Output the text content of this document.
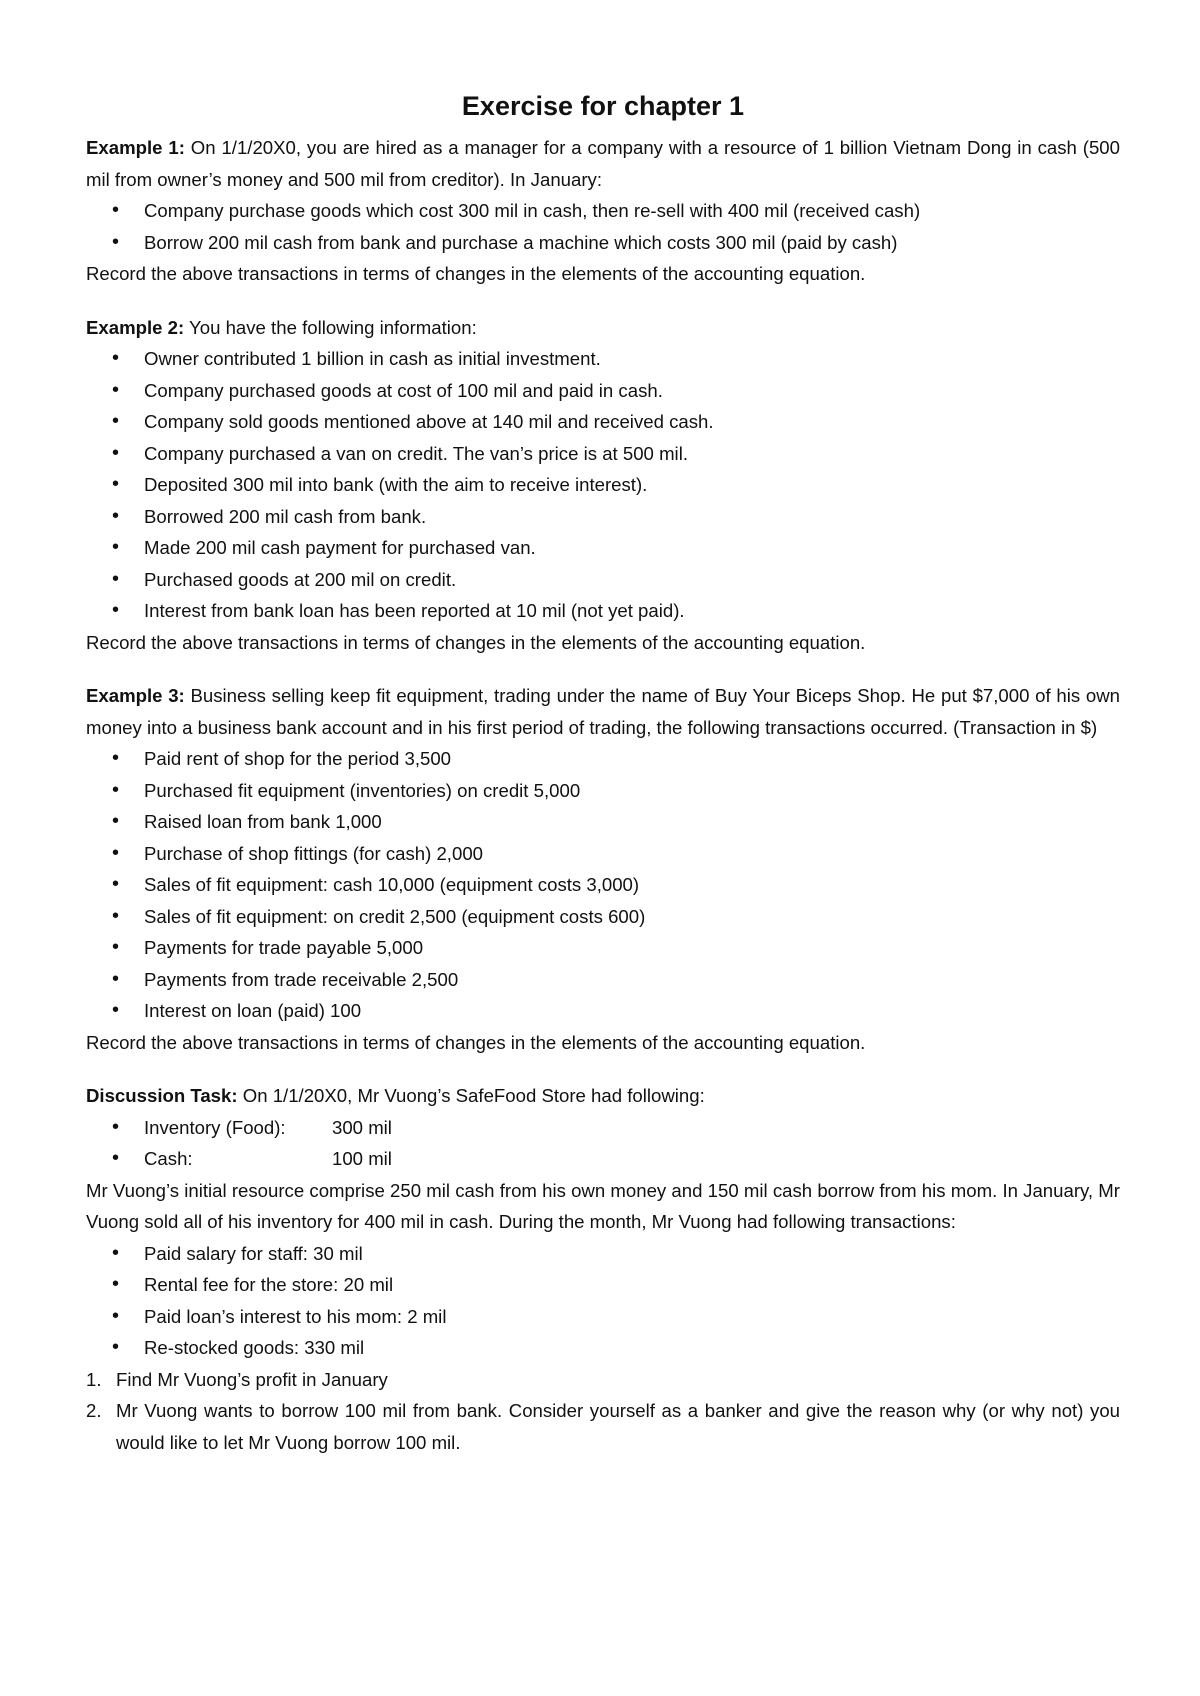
Exercise for chapter 1

Example 1: On 1/1/20X0, you are hired as a manager for a company with a resource of 1 billion Vietnam Dong in cash (500 mil from owner’s money and 500 mil from creditor). In January:

• Company purchase goods which cost 300 mil in cash, then re-sell with 400 mil (received cash)
• Borrow 200 mil cash from bank and purchase a machine which costs 300 mil (paid by cash)

Record the above transactions in terms of changes in the elements of the accounting equation.

Example 2: You have the following information:

• Owner contributed 1 billion in cash as initial investment.
• Company purchased goods at cost of 100 mil and paid in cash.
• Company sold goods mentioned above at 140 mil and received cash.
• Company purchased a van on credit. The van’s price is at 500 mil.
• Deposited 300 mil into bank (with the aim to receive interest).
• Borrowed 200 mil cash from bank.
• Made 200 mil cash payment for purchased van.
• Purchased goods at 200 mil on credit.
• Interest from bank loan has been reported at 10 mil (not yet paid).

Record the above transactions in terms of changes in the elements of the accounting equation.

Example 3: Business selling keep fit equipment, trading under the name of Buy Your Biceps Shop. He put $7,000 of his own money into a business bank account and in his first period of trading, the following transactions occurred. (Transaction in $)

• Paid rent of shop for the period 3,500
• Purchased fit equipment (inventories) on credit 5,000
• Raised loan from bank 1,000
• Purchase of shop fittings (for cash) 2,000
• Sales of fit equipment: cash 10,000 (equipment costs 3,000)
• Sales of fit equipment: on credit 2,500 (equipment costs 600)
• Payments for trade payable 5,000
• Payments from trade receivable 2,500
• Interest on loan (paid) 100

Record the above transactions in terms of changes in the elements of the accounting equation.

Discussion Task: On 1/1/20X0, Mr Vuong’s SafeFood Store had following:

• Inventory (Food): 300 mil
• Cash:	100 mil

Mr Vuong’s initial resource comprise 250 mil cash from his own money and 150 mil cash borrow from his mom. In January, Mr Vuong sold all of his inventory for 400 mil in cash. During the month, Mr Vuong had following transactions:

• Paid salary for staff: 30 mil
• Rental fee for the store: 20 mil
• Paid loan’s interest to his mom: 2 mil
• Re-stocked goods: 330 mil
1. Find Mr Vuong’s profit in January
2. Mr Vuong wants to borrow 100 mil from bank. Consider yourself as a banker and give the reason why (or why not) you would like to let Mr Vuong borrow 100 mil.
